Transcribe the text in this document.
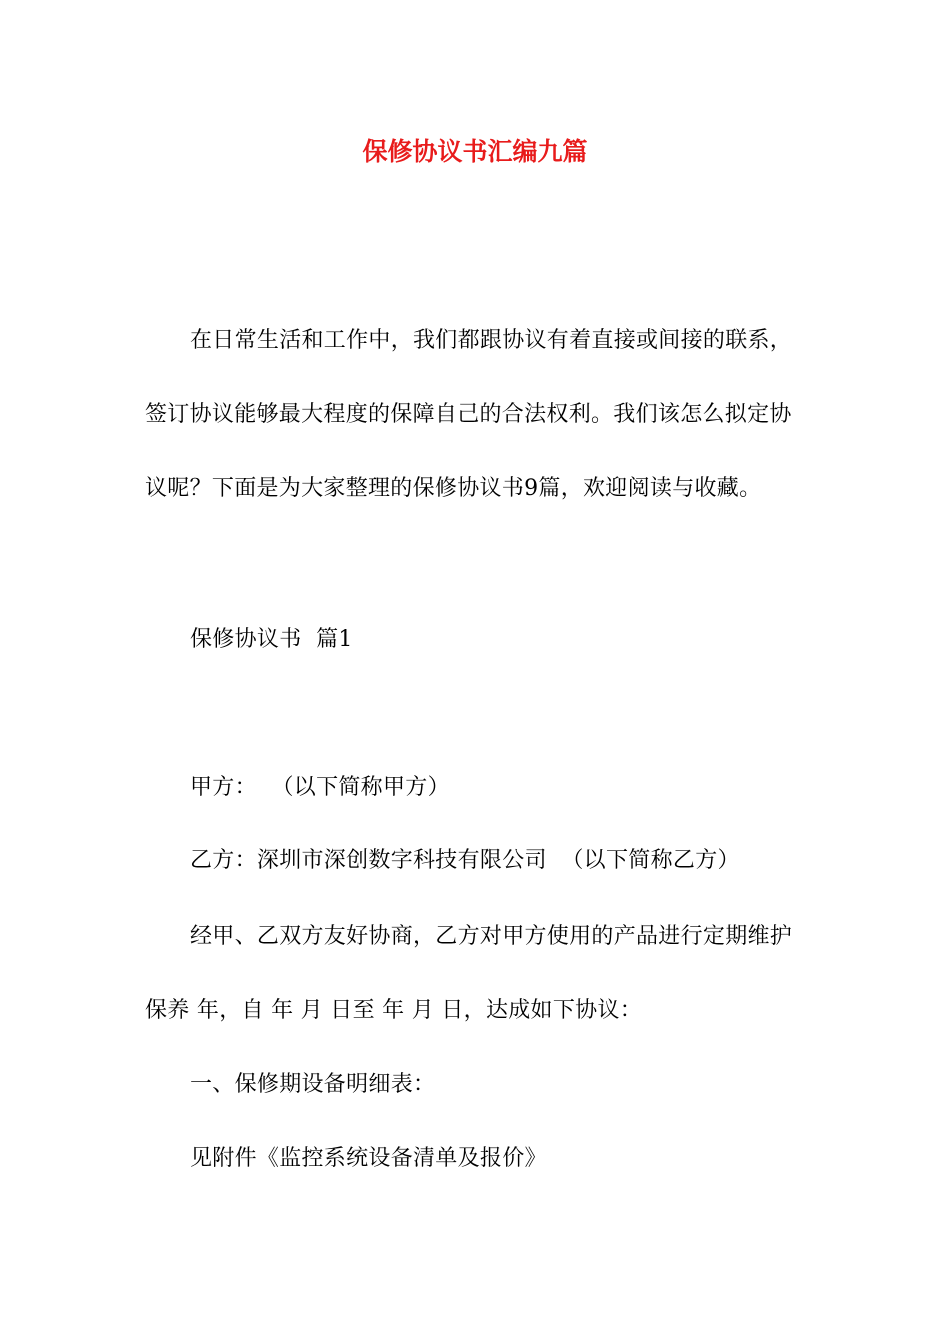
保修协议书汇编九篇
在日常生活和工作中，我们都跟协议有着直接或间接的联系，
签订协议能够最大程度的保障自己的合法权利。我们该怎么拟定协
议呢？下面是为大家整理的保修协议书9篇，欢迎阅读与收藏。
保修协议书  篇1
甲方：  （以下简称甲方）
乙方：深圳市深创数字科技有限公司  （以下简称乙方）
经甲、乙双方友好协商，乙方对甲方使用的产品进行定期维护
保养 年，自 年 月 日至 年 月 日，达成如下协议：
一、保修期设备明细表：
见附件《监控系统设备清单及报价》
